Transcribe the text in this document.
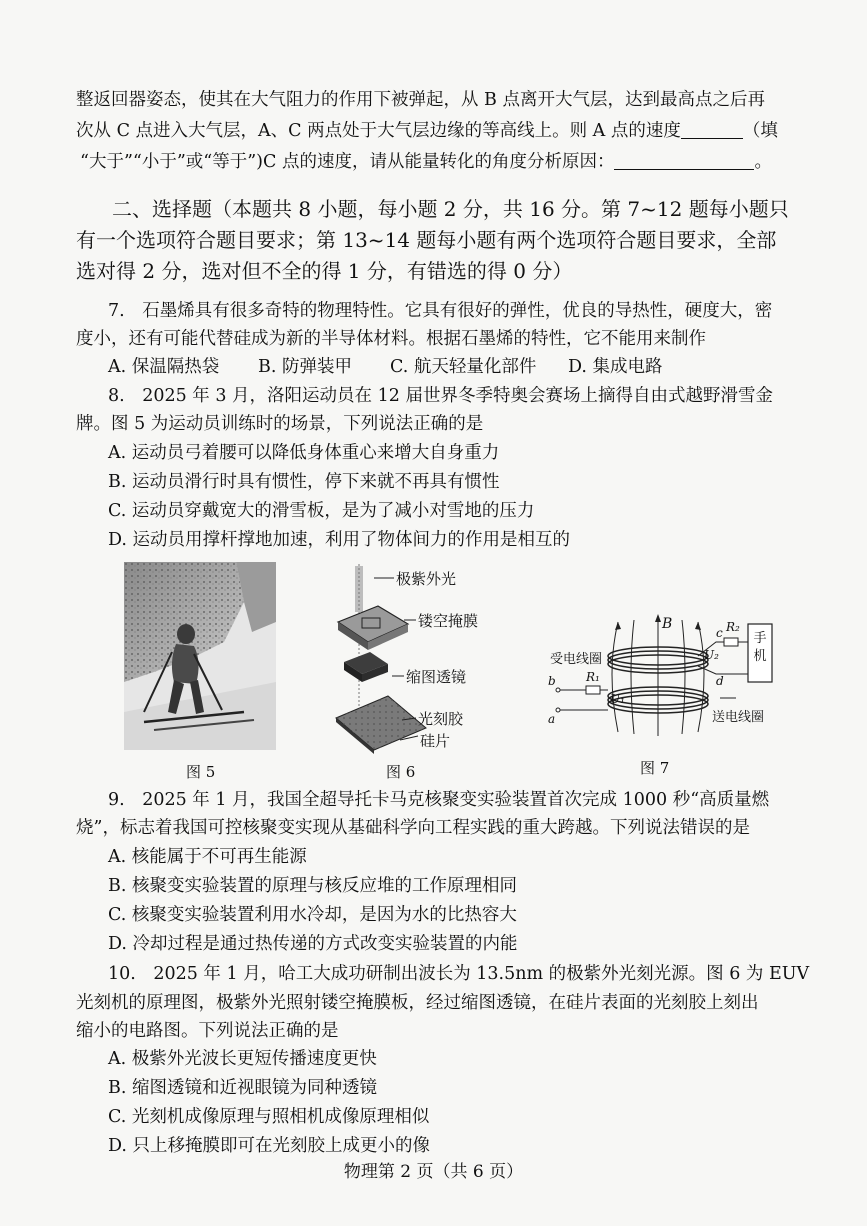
整返回器姿态，使其在大气阻力的作用下被弹起，从 B 点离开大气层，达到最高点之后再
次从 C 点进入大气层，A、C 两点处于大气层边缘的等高线上。则 A 点的速度	（填
“大于”“小于”或“等于”)C 点的速度，请从能量转化的角度分析原因：	。
二、选择题（本题共 8 小题，每小题 2 分，共 16 分。第 7~12 题每小题只
有一个选项符合题目要求；第 13~14 题每小题有两个选项符合题目要求，全部
选对得 2 分，选对但不全的得 1 分，有错选的得 0 分）
7.　石墨烯具有很多奇特的物理特性。它具有很好的弹性，优良的导热性，硬度大，密
度小，还有可能代替硅成为新的半导体材料。根据石墨烯的特性，它不能用来制作
A. 保温隔热袋 B. 防弹装甲 C. 航天轻量化部件 D. 集成电路
8.　2025 年 3 月，洛阳运动员在 12 届世界冬季特奥会赛场上摘得自由式越野滑雪金
牌。图 5 为运动员训练时的场景，下列说法正确的是
A. 运动员弓着腰可以降低身体重心来增大自身重力
B. 运动员滑行时具有惯性，停下来就不再具有惯性
C. 运动员穿戴宽大的滑雪板，是为了减小对雪地的压力
D. 运动员用撑杆撑地加速，利用了物体间力的作用是相互的
图 5
极紫外光
镂空掩膜
缩图透镜
光刻胶
硅片
图 6
B
受电线圈
c R₂
U₂
d
手机
b	R₁
U₁
a	送电线圈
图 7
9.　2025 年 1 月，我国全超导托卡马克核聚变实验装置首次完成 1000 秒“高质量燃
烧”，标志着我国可控核聚变实现从基础科学向工程实践的重大跨越。下列说法错误的是
A. 核能属于不可再生能源
B. 核聚变实验装置的原理与核反应堆的工作原理相同
C. 核聚变实验装置利用水冷却，是因为水的比热容大
D. 冷却过程是通过热传递的方式改变实验装置的内能
10.　2025 年 1 月，哈工大成功研制出波长为 13.5nm 的极紫外光刻光源。图 6 为 EUV
光刻机的原理图，极紫外光照射镂空掩膜板，经过缩图透镜，在硅片表面的光刻胶上刻出
缩小的电路图。下列说法正确的是
A. 极紫外光波长更短传播速度更快
B. 缩图透镜和近视眼镜为同种透镜
C. 光刻机成像原理与照相机成像原理相似
D. 只上移掩膜即可在光刻胶上成更小的像
物理第 2 页（共 6 页）
